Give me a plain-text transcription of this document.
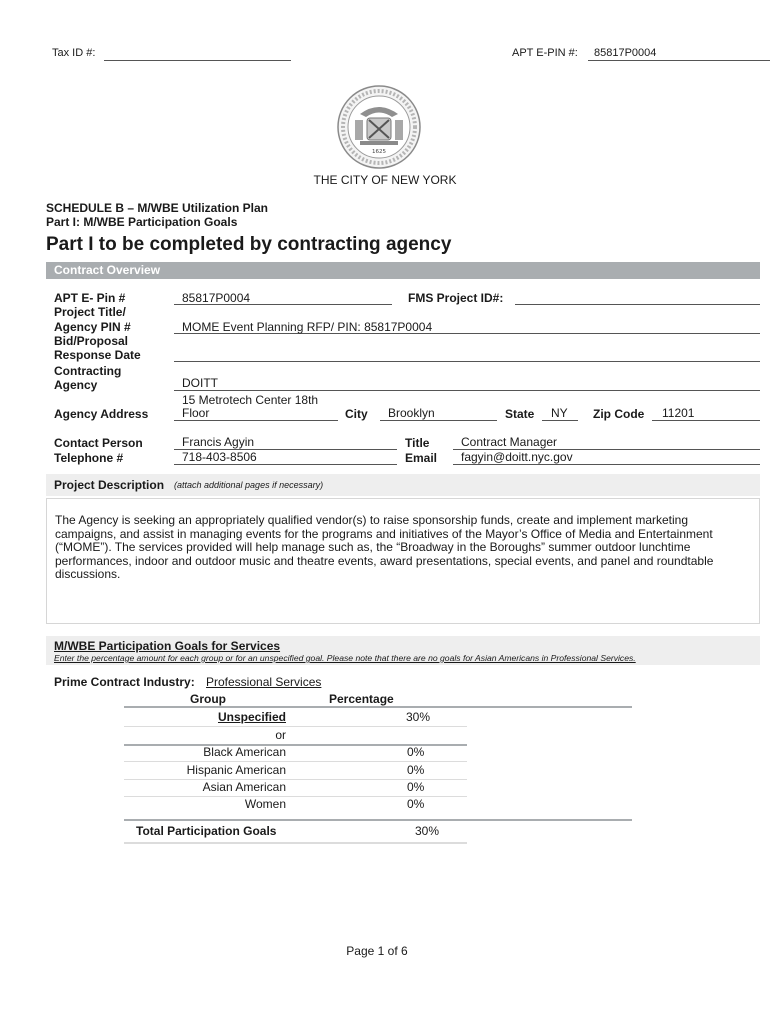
Tax ID #:	APT E-PIN #: 85817P0004
1625
THE CITY OF NEW YORK
SCHEDULE B – M/WBE Utilization Plan
Part I: M/WBE Participation Goals
Part I to be completed by contracting agency
Contract Overview
APT E- Pin #	85817P0004	FMS Project ID#:
Project Title/
Agency PIN #	MOME Event Planning RFP/ PIN: 85817P0004
Bid/Proposal
Response Date
Contracting
Agency	DOITT
15 Metrotech Center 18th
Agency Address	Floor	City Brooklyn	State NY Zip Code 11201
Contact Person	Francis Agyin	Title	Contract Manager
Telephone #	718-403-8506	Email fagyin@doitt.nyc.gov
Project Description (attach additional pages if necessary)
The Agency is seeking an appropriately qualified vendor(s) to raise sponsorship funds, create and implement marketing campaigns, and assist in managing events for the programs and initiatives of the Mayor’s Office of Media and Entertainment (“MOME”). The services provided will help manage such as, the “Broadway in the Boroughs” summer outdoor lunchtime performances, indoor and outdoor music and theatre events, award presentations, special events, and panel and roundtable discussions.
M/WBE Participation Goals for Services
Enter the percentage amount for each group or for an unspecified goal. Please note that there are no goals for Asian Americans in Professional Services.
Prime Contract Industry: Professional Services
Group	Percentage
Unspecified	30%
or
Black American	0%
Hispanic American	0%
Asian American	0%
Women	0%
Total Participation Goals	30%
Page 1 of 6
